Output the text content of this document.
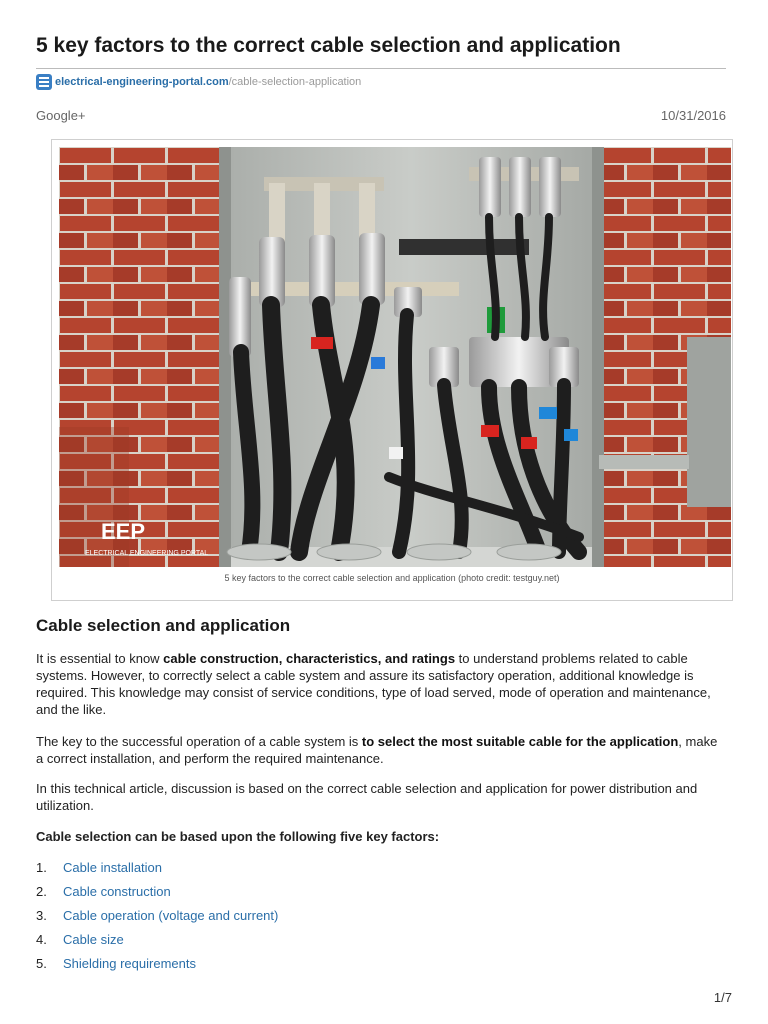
5 key factors to the correct cable selection and application
electrical-engineering-portal.com /cable-selection-application
Google+	10/31/2016
EEP
ELECTRICAL ENGINEERING PORTAL
5 key factors to the correct cable selection and application (photo credit: testguy.net)
Cable selection and application

It is essential to know cable construction, characteristics, and ratings to understand problems related to cable systems. However, to correctly select a cable system and assure its satisfactory operation, additional knowledge is required. This knowledge may consist of service conditions, type of load served, mode of operation and maintenance, and the like.

The key to the successful operation of a cable system is to select the most suitable cable for the application, make a correct installation, and perform the required maintenance.

In this technical article, discussion is based on the correct cable selection and application for power distribution and utilization.

Cable selection can be based upon the following five key factors:

1.	Cable installation
2.	Cable construction
3.	Cable operation (voltage and current)
4.	Cable size
5.	Shielding requirements
1/7
